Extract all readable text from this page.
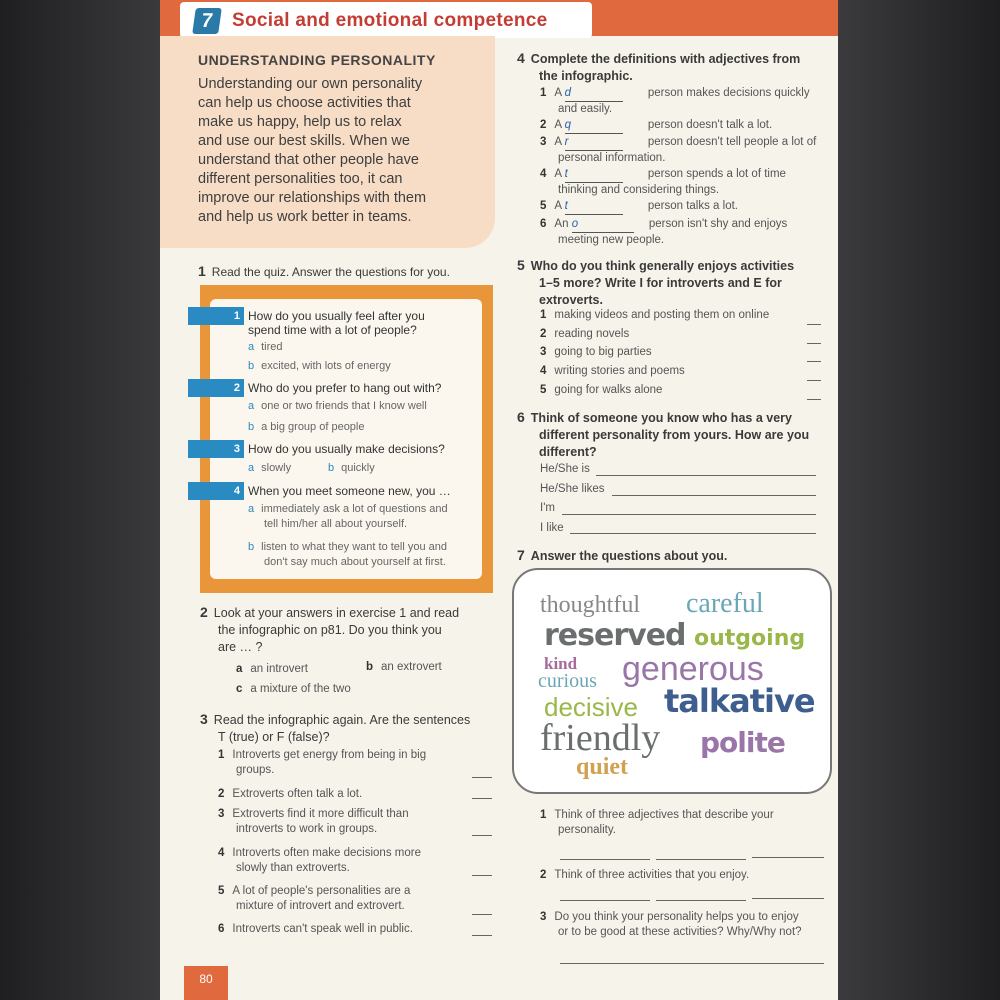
7 Social and emotional competence
UNDERSTANDING PERSONALITY
Understanding our own personality
can help us choose activities that
make us happy, help us to relax
and use our best skills. When we
understand that other people have
different personalities too, it can
improve our relationships with them
and help us work better in teams.
1 Read the quiz. Answer the questions for you.
1 How do you usually feel after you
spend time with a lot of people?
a tired
b excited, with lots of energy
2 Who do you prefer to hang out with?
a one or two friends that I know well
b a big group of people
3 How do you usually make decisions?
a slowly	b quickly
4 When you meet someone new, you …
a immediately ask a lot of questions and
tell him/her all about yourself.
b listen to what they want to tell you and
don't say much about yourself at first.
2 Look at your answers in exercise 1 and read
the infographic on p81. Do you think you
are … ?
a an introvert	b an extrovert
c a mixture of the two
3 Read the infographic again. Are the sentences
T (true) or F (false)?
1 Introverts get energy from being in big
groups.
2 Extroverts often talk a lot.
3 Extroverts find it more difficult than
introverts to work in groups.
4 Introverts often make decisions more
slowly than extroverts.
5 A lot of people's personalities are a
mixture of introvert and extrovert.
6 Introverts can't speak well in public.
80
4 Complete the definitions with adjectives from
the infographic.
1 A d	person makes decisions quickly
and easily.
2 A q	person doesn't talk a lot.
3 A r	person doesn't tell people a lot of
personal information.
4 A t	person spends a lot of time
thinking and considering things.
5 A t	person talks a lot.
6 An o	person isn't shy and enjoys
meeting new people.
5 Who do you think generally enjoys activities
1–5 more? Write I for introverts and E for
extroverts.
1 making videos and posting them on online
2 reading novels
3 going to big parties
4 writing stories and poems
5 going for walks alone
6 Think of someone you know who has a very
different personality from yours. How are you
different?
He/She is
He/She likes
I'm
I like
7 Answer the questions about you.
thoughtful careful
reserved outgoing
kind
curious generous
decisive talkative
friendly polite
quiet
1 Think of three adjectives that describe your
personality.
2 Think of three activities that you enjoy.
3 Do you think your personality helps you to enjoy
or to be good at these activities? Why/Why not?
